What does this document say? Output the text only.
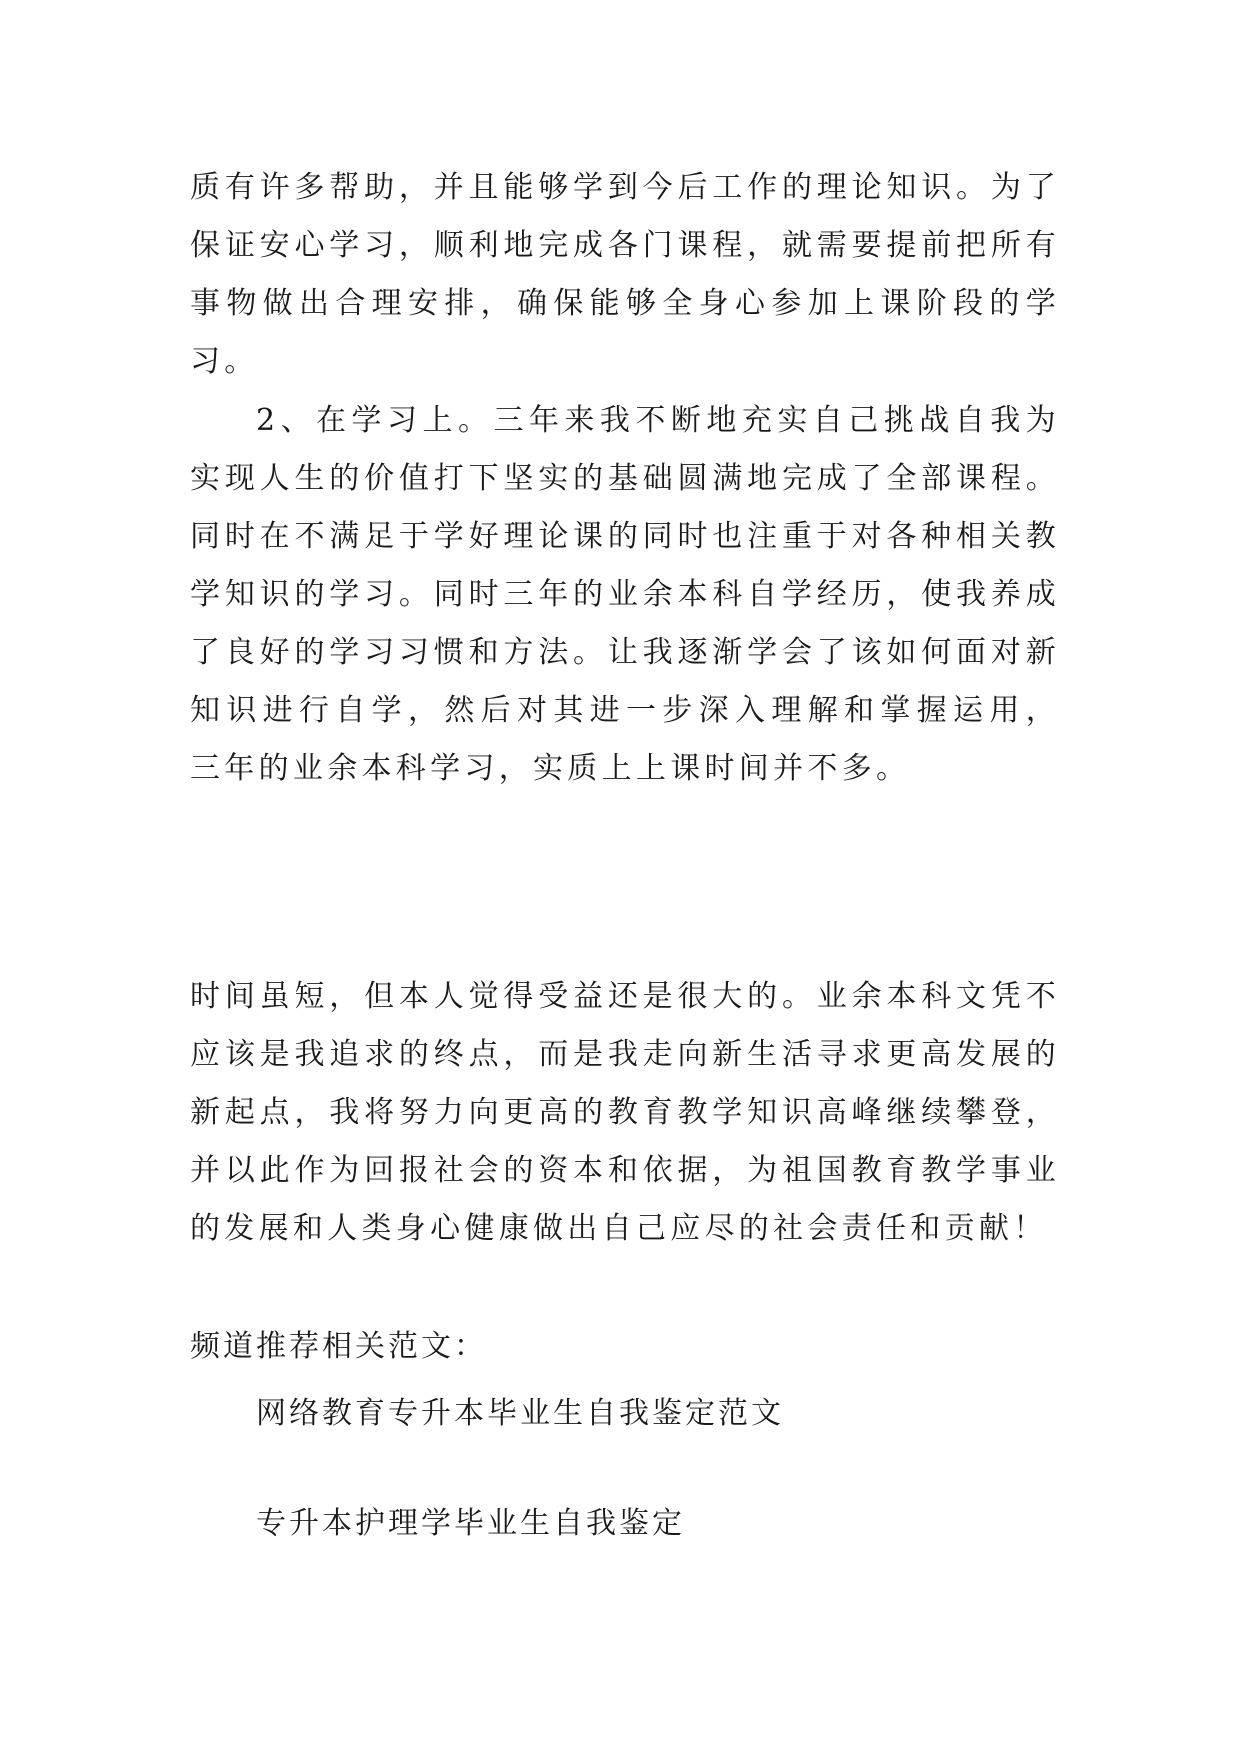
质有许多帮助，并且能够学到今后工作的理论知识。为了保证安心学习，顺利地完成各门课程，就需要提前把所有事物做出合理安排，确保能够全身心参加上课阶段的学习。

2、在学习上。三年来我不断地充实自己挑战自我为实现人生的价值打下坚实的基础圆满地完成了全部课程。同时在不满足于学好理论课的同时也注重于对各种相关教学知识的学习。同时三年的业余本科自学经历，使我养成了良好的学习习惯和方法。让我逐渐学会了该如何面对新知识进行自学，然后对其进一步深入理解和掌握运用， 三年的业余本科学习，实质上上课时间并不多。

时间虽短，但本人觉得受益还是很大的。业余本科文凭不应该是我追求的终点，而是我走向新生活寻求更高发展的新起点，我将努力向更高的教育教学知识高峰继续攀登，并以此作为回报社会的资本和依据，为祖国教育教学事业的发展和人类身心健康做出自己应尽的社会责任和贡献！

频道推荐相关范文：

网络教育专升本毕业生自我鉴定范文

专升本护理学毕业生自我鉴定
